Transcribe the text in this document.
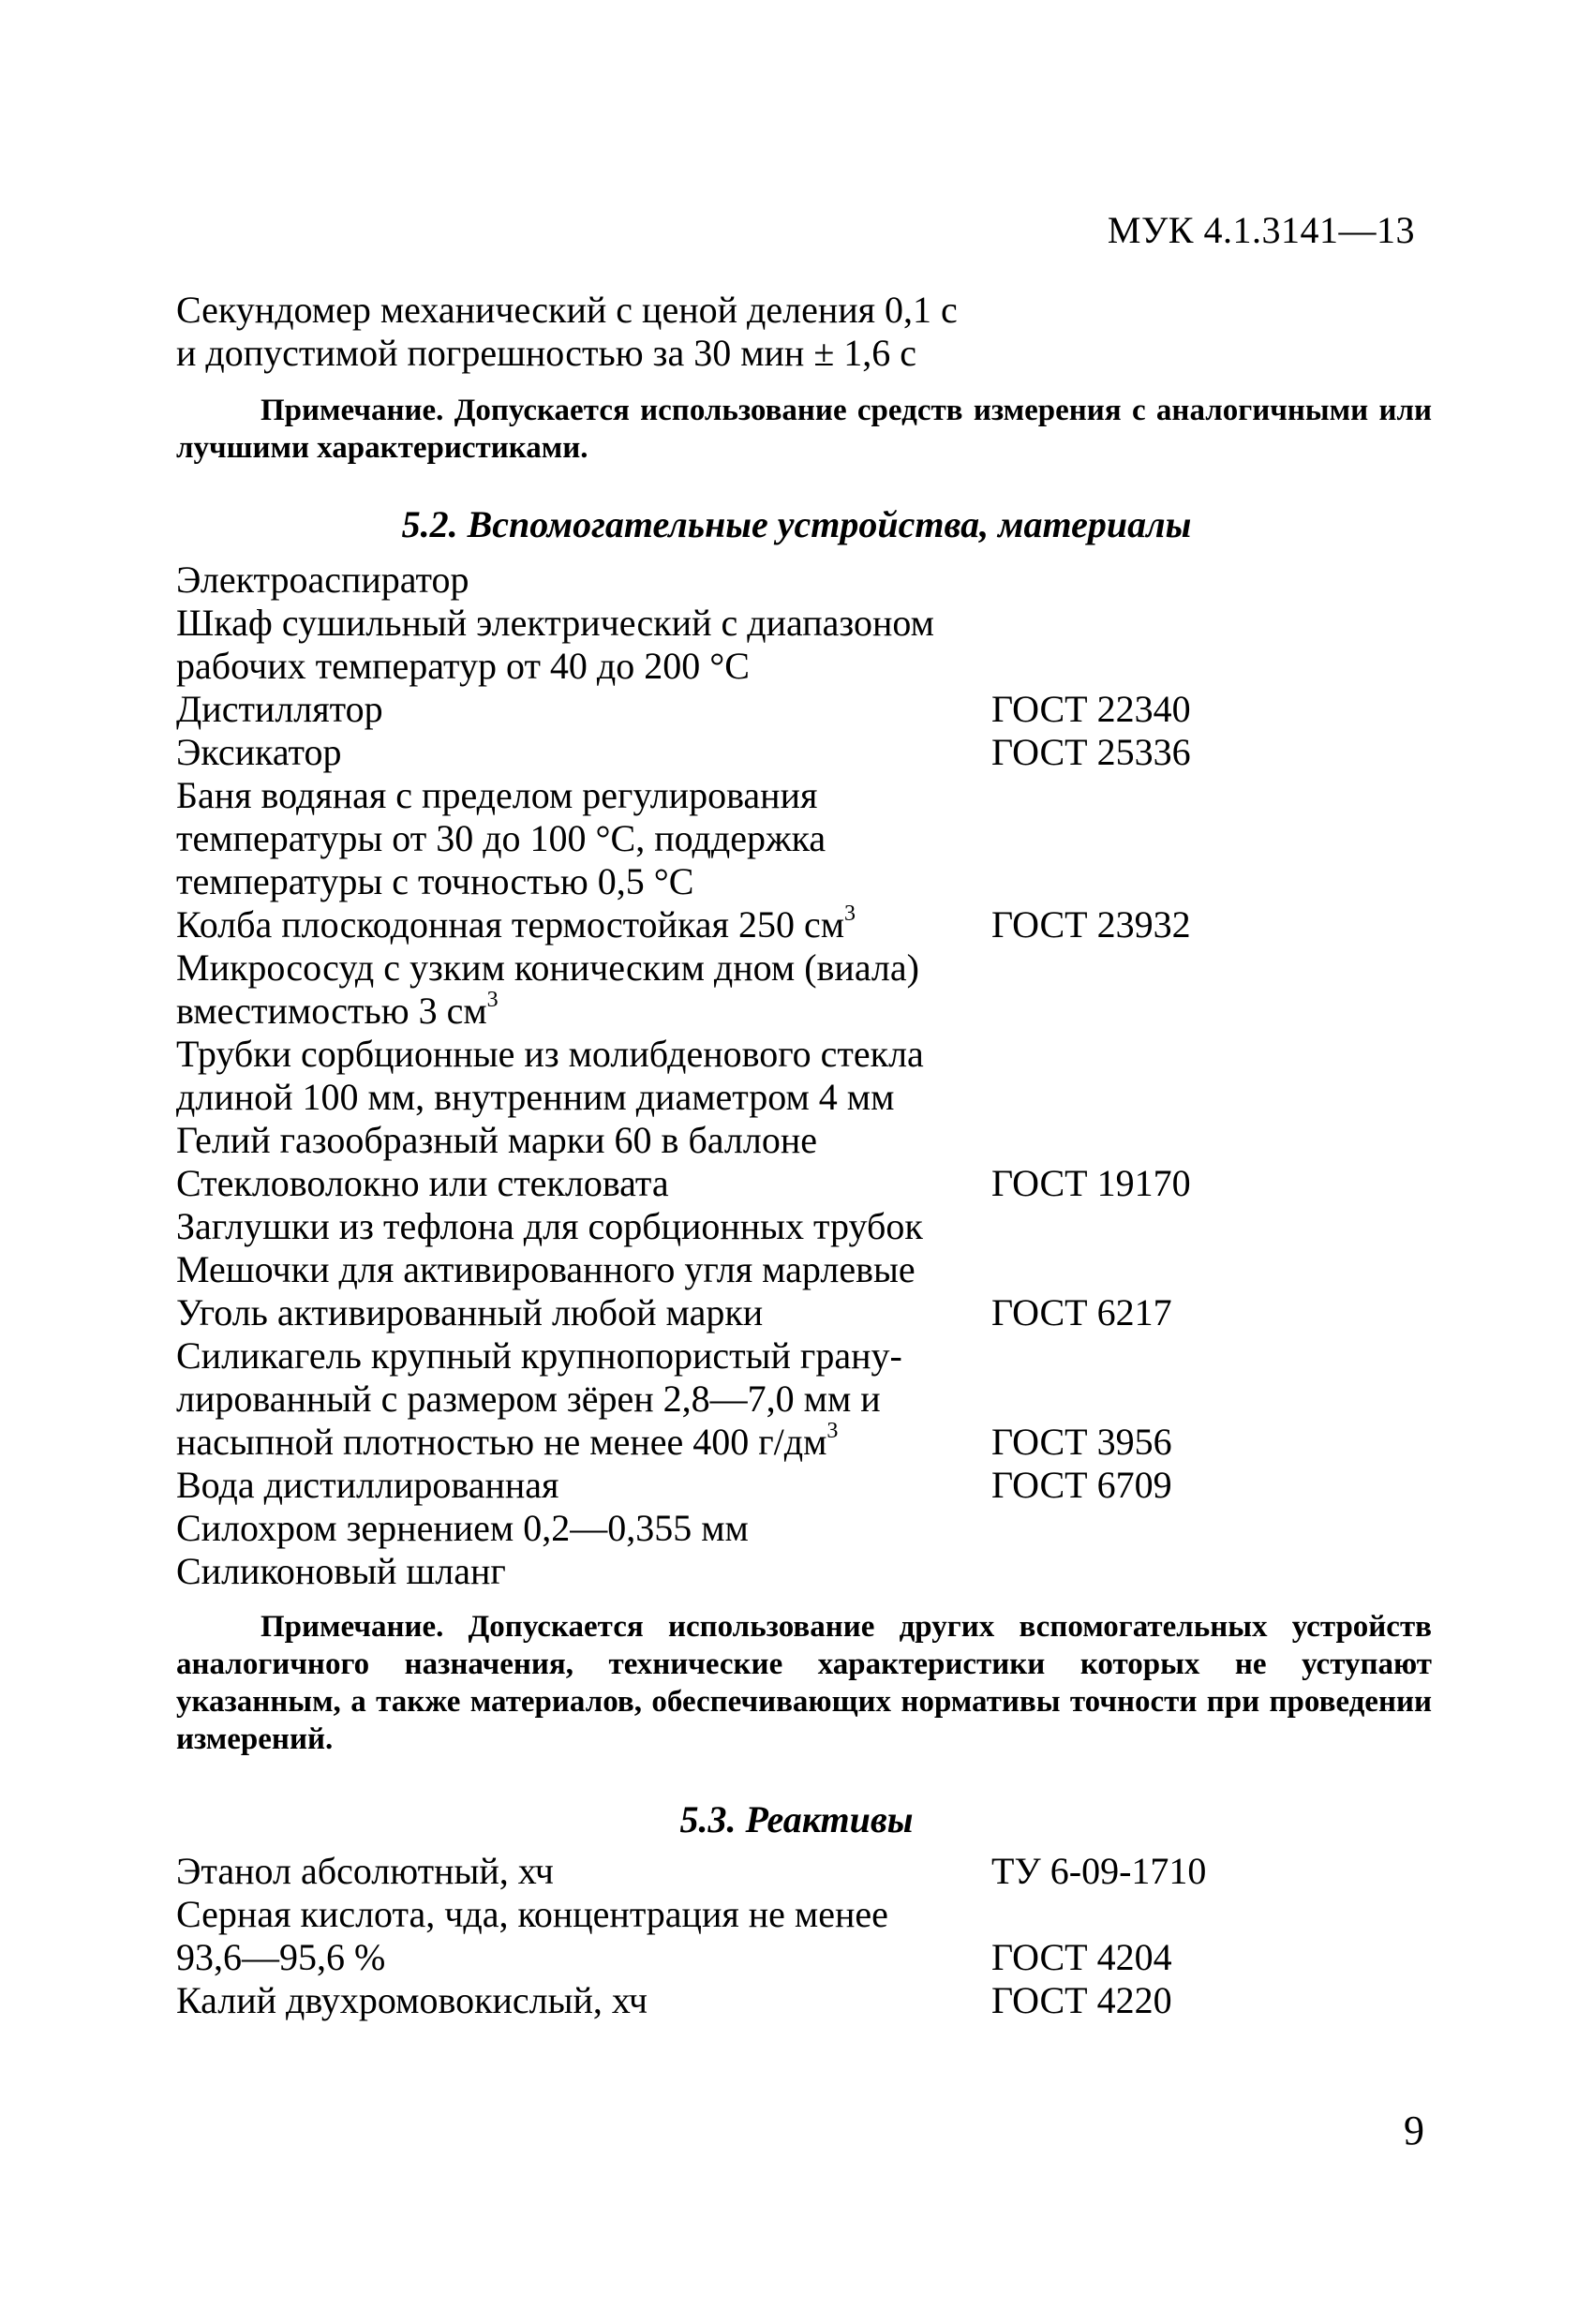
МУК 4.1.3141—13
Секундомер механический с ценой деления 0,1 с
и допустимой погрешностью за 30 мин ± 1,6 с
Примечание. Допускается использование средств измерения с аналогичными или лучшими характеристиками.
5.2. Вспомогательные устройства, материалы
Электроаспиратор
Шкаф сушильный электрический с диапазоном
рабочих температур от 40 до 200 °С
Дистиллятор	ГОСТ 22340
Эксикатор	ГОСТ 25336
Баня водяная с пределом регулирования
температуры от 30 до 100 °С, поддержка
температуры с точностью 0,5 °С
Колба плоскодонная термостойкая 250 $см^3$	ГОСТ 23932
Микрососуд с узким коническим дном (виала)
вместимостью 3 $см^3$
Трубки сорбционные из молибденового стекла
длиной 100 мм, внутренним диаметром 4 мм
Гелий газообразный марки 60 в баллоне
Стекловолокно или стекловата	ГОСТ 19170
Заглушки из тефлона для сорбционных трубок
Мешочки для активированного угля марлевые
Уголь активированный любой марки	ГОСТ 6217
Силикагель крупный крупнопористый грану-
лированный с размером зёрен 2,8—7,0 мм и
насыпной плотностью не менее 400 $г/дм^3$	ГОСТ 3956
Вода дистиллированная	ГОСТ 6709
Силохром зернением 0,2—0,355 мм
Силиконовый шланг
Примечание. Допускается использование других вспомогательных устройств аналогичного назначения, технические характеристики которых не уступают указанным, а также материалов, обеспечивающих нормативы точности при проведении измерений.
5.3. Реактивы
Этанол абсолютный, хч	ТУ 6-09-1710
Серная кислота, чда, концентрация не менее
93,6—95,6 %	ГОСТ 4204
Калий двухромовокислый, хч	ГОСТ 4220
9
